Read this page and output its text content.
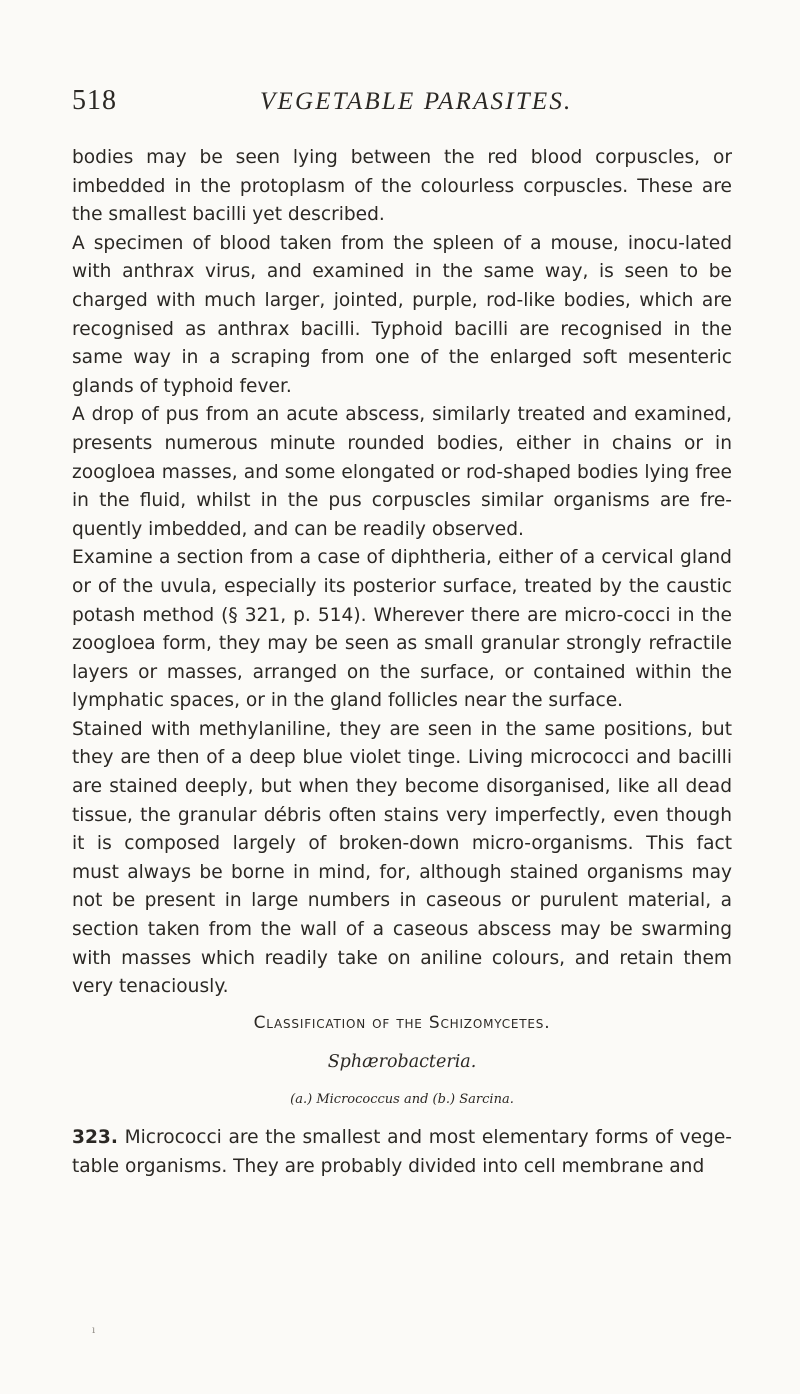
518	VEGETABLE PARASITES.

bodies may be seen lying between the red blood corpuscles, or imbedded in the protoplasm of the colourless corpuscles. These are the smallest bacilli yet described.

A specimen of blood taken from the spleen of a mouse, inocu-lated with anthrax virus, and examined in the same way, is seen to be charged with much larger, jointed, purple, rod-like bodies, which are recognised as anthrax bacilli. Typhoid bacilli are recognised in the same way in a scraping from one of the enlarged soft mesenteric glands of typhoid fever.

A drop of pus from an acute abscess, similarly treated and examined, presents numerous minute rounded bodies, either in chains or in zoogloea masses, and some elongated or rod-shaped bodies lying free in the fluid, whilst in the pus corpuscles similar organisms are fre-quently imbedded, and can be readily observed.

Examine a section from a case of diphtheria, either of a cervical gland or of the uvula, especially its posterior surface, treated by the caustic potash method (§ 321, p. 514). Wherever there are micro-cocci in the zoogloea form, they may be seen as small granular strongly refractile layers or masses, arranged on the surface, or contained within the lymphatic spaces, or in the gland follicles near the surface.

Stained with methylaniline, they are seen in the same positions, but they are then of a deep blue violet tinge. Living micrococci and bacilli are stained deeply, but when they become disorganised, like all dead tissue, the granular débris often stains very imperfectly, even though it is composed largely of broken-down micro-organisms. This fact must always be borne in mind, for, although stained organisms may not be present in large numbers in caseous or purulent material, a section taken from the wall of a caseous abscess may be swarming with masses which readily take on aniline colours, and retain them very tenaciously.

Classification of the Schizomycetes.
Sphærobacteria.
(a.) Micrococcus and (b.) Sarcina.
323. Micrococci are the smallest and most elementary forms of vege-table organisms. They are probably divided into cell membrane and
ı
